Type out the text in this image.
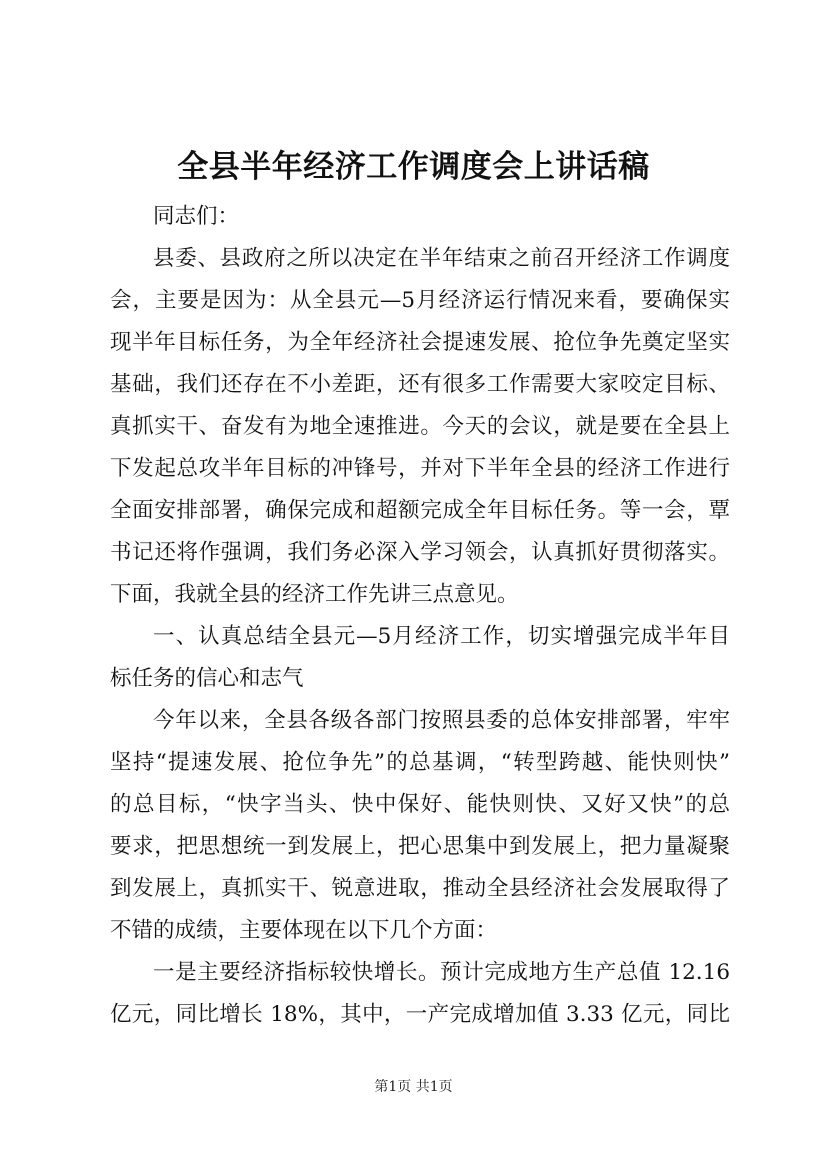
全县半年经济工作调度会上讲话稿
同志们：
县委、县政府之所以决定在半年结束之前召开经济工作调度
会，主要是因为：从全县元—5月经济运行情况来看，要确保实
现半年目标任务，为全年经济社会提速发展、抢位争先奠定坚实
基础，我们还存在不小差距，还有很多工作需要大家咬定目标、
真抓实干、奋发有为地全速推进。今天的会议，就是要在全县上
下发起总攻半年目标的冲锋号，并对下半年全县的经济工作进行
全面安排部署，确保完成和超额完成全年目标任务。等一会，覃
书记还将作强调，我们务必深入学习领会，认真抓好贯彻落实。
下面，我就全县的经济工作先讲三点意见。
一、认真总结全县元—5月经济工作，切实增强完成半年目
标任务的信心和志气
今年以来，全县各级各部门按照县委的总体安排部署，牢牢
坚持“提速发展、抢位争先”的总基调，“转型跨越、能快则快”
的总目标，“快字当头、快中保好、能快则快、又好又快”的总
要求，把思想统一到发展上，把心思集中到发展上，把力量凝聚
到发展上，真抓实干、锐意进取，推动全县经济社会发展取得了
不错的成绩，主要体现在以下几个方面：
一是主要经济指标较快增长。预计完成地方生产总值 12.16
亿元，同比增长 18%，其中，一产完成增加值 3.33 亿元，同比
第1页 共1页
